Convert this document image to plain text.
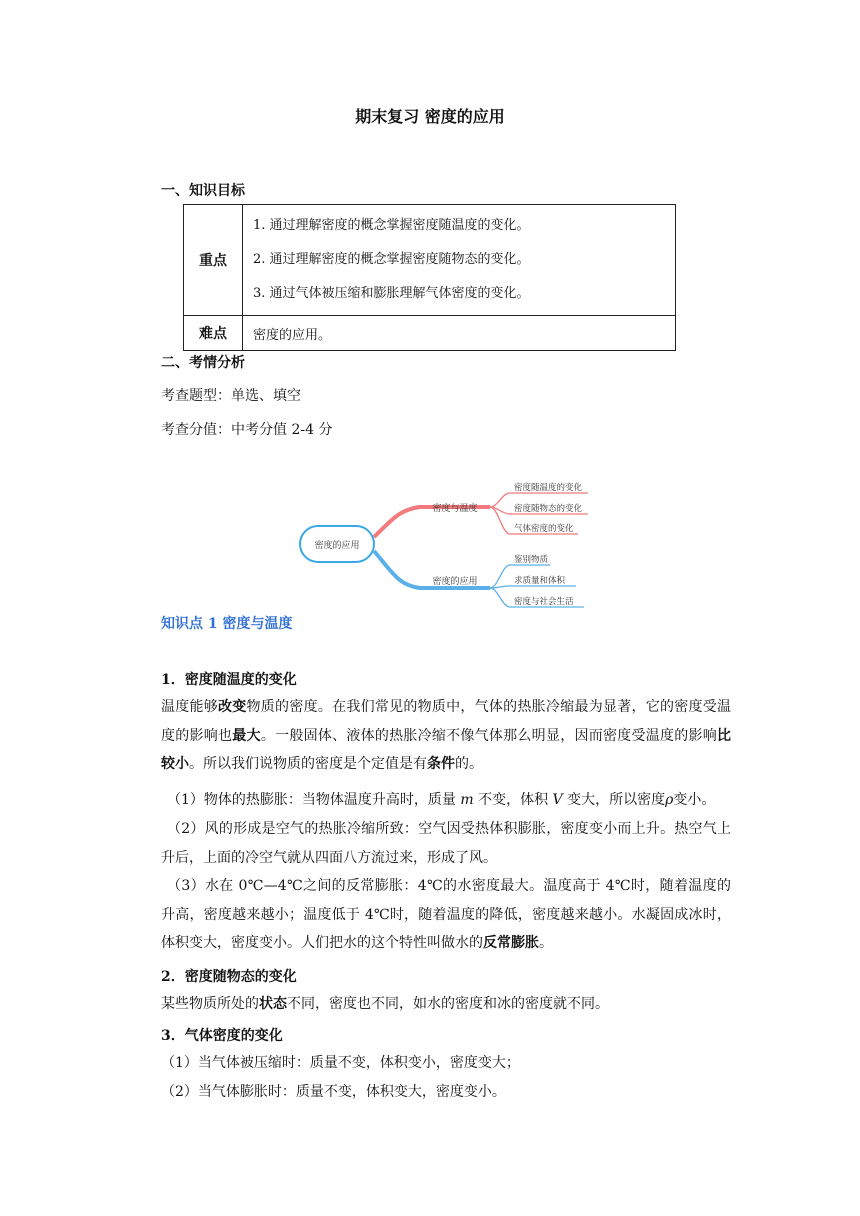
期末复习 密度的应用
一、知识目标
重点	1. 通过理解密度的概念掌握密度随温度的变化。
2. 通过理解密度的概念掌握密度随物态的变化。
3. 通过气体被压缩和膨胀理解气体密度的变化。

难点	密度的应用。
二、考情分析
考查题型：单选、填空
考查分值：中考分值 2-4 分
密度的应用
密度与温度
密度的应用
密度随温度的变化
密度随物态的变化
气体密度的变化
鉴别物质
求质量和体积
密度与社会生活
知识点 1 密度与温度
1．密度随温度的变化
温度能够改变物质的密度。在我们常见的物质中，气体的热胀冷缩最为显著，它的密度受温度的影响也最大。一般固体、液体的热胀冷缩不像气体那么明显，因而密度受温度的影响比较小。所以我们说物质的密度是个定值是有条件的。
（1）物体的热膨胀：当物体温度升高时，质量 m 不变，体积 V 变大，所以密度ρ变小。
（2）风的形成是空气的热胀冷缩所致：空气因受热体积膨胀，密度变小而上升。热空气上升后，上面的冷空气就从四面八方流过来，形成了风。
（3）水在 0℃—4℃之间的反常膨胀：4℃的水密度最大。温度高于 4℃时，随着温度的升高，密度越来越小；温度低于 4℃时，随着温度的降低，密度越来越小。水凝固成冰时，体积变大，密度变小。人们把水的这个特性叫做水的反常膨胀。
2．密度随物态的变化
某些物质所处的状态不同，密度也不同，如水的密度和冰的密度就不同。
3．气体密度的变化
（1）当气体被压缩时：质量不变，体积变小，密度变大；
（2）当气体膨胀时：质量不变，体积变大，密度变小。
